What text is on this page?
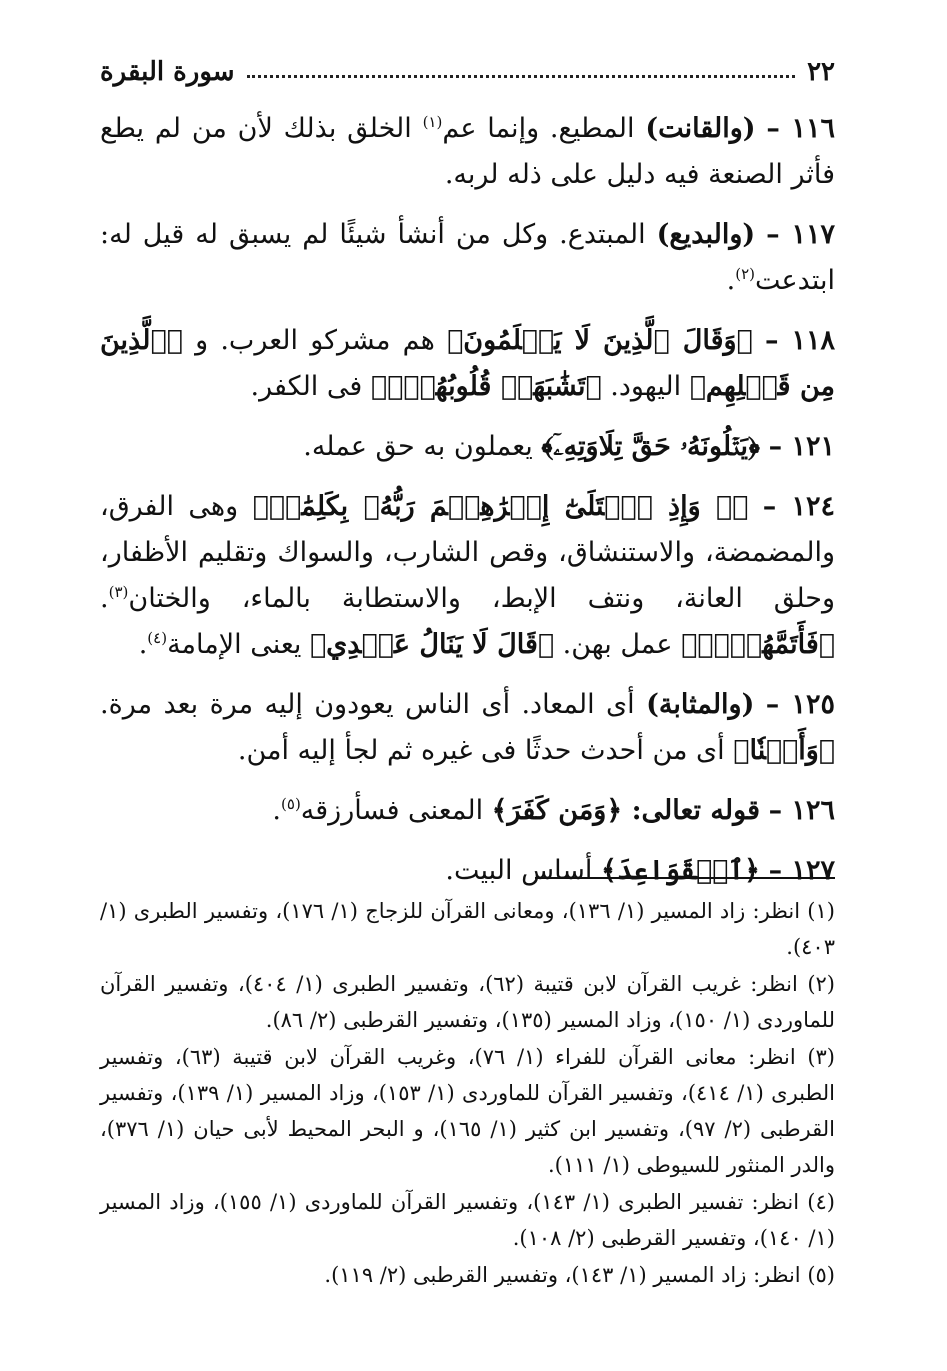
٢٢
سورة البقرة

١١٦ – (والقانت) المطيع. وإنما عم$^{(١)}$ الخلق بذلك لأن من لم يطع فأثر الصنعة فيه دليل على ذله لربه.

١١٧ – (والبديع) المبتدع. وكل من أنشأ شيئًا لم يسبق له قيل له: ابتدعت$^{(٢)}$.

١١٨ – ﴿وَقَالَ ٱلَّذِينَ لَا يَعۡلَمُونَ﴾ هم مشركو العرب. و ﴿ٱلَّذِينَ مِن قَبۡلِهِم﴾ اليهود. ﴿تَشَٰبَهَتۡ قُلُوبُهُمۡۗ﴾ فى الكفر.

١٢١ – ﴿يَتۡلُونَهُۥ حَقَّ تِلَاوَتِهِۦٓ﴾ يعملون به حق عمله.

١٢٤ – ﴿۞ وَإِذِ ٱبۡتَلَىٰٓ إِبۡرَٰهِـۧمَ رَبُّهُۥ بِكَلِمَٰتٖ﴾ وهى الفرق، والمضمضة، والاستنشاق، وقص الشارب، والسواك وتقليم الأظفار، وحلق العانة، ونتف الإبط، والاستطابة بالماء، والختان$^{(٣)}$. ﴿فَأَتَمَّهُنَّۖ﴾ عمل بهن. ﴿قَالَ لَا يَنَالُ عَهۡدِي﴾ يعنى الإمامة$^{(٤)}$.

١٢٥ – (والمثابة) أى المعاد. أى الناس يعودون إليه مرة بعد مرة. ﴿وَأَمۡنٗا﴾ أى من أحدث حدثًا فى غيره ثم لجأ إليه أمن.

١٢٦ – قوله تعالى: ﴿وَمَن كَفَرَ﴾ المعنى فسأرزقه$^{(٥)}$.

١٢٧ – ﴿ٱلۡقَوَاعِدَ﴾ أساس البيت.

(١) انظر: زاد المسير (١/ ١٣٦)، ومعانى القرآن للزجاج (١/ ١٧٦)، وتفسير الطبرى (١/ ٤٠٣).

(٢) انظر: غريب القرآن لابن قتيبة (٦٢)، وتفسير الطبرى (١/ ٤٠٤)، وتفسير القرآن للماوردى (١/ ١٥٠)، وزاد المسير (١٣٥)، وتفسير القرطبى (٢/ ٨٦).

(٣) انظر: معانى القرآن للفراء (١/ ٧٦)، وغريب القرآن لابن قتيبة (٦٣)، وتفسير الطبرى (١/ ٤١٤)، وتفسير القرآن للماوردى (١/ ١٥٣)، وزاد المسير (١/ ١٣٩)، وتفسير القرطبى (٢/ ٩٧)، وتفسير ابن كثير (١/ ١٦٥)، و البحر المحيط لأبى حيان (١/ ٣٧٦)، والدر المنثور للسيوطى (١/ ١١١).

(٤) انظر: تفسير الطبرى (١/ ١٤٣)، وتفسير القرآن للماوردى (١/ ١٥٥)، وزاد المسير (١/ ١٤٠)، وتفسير القرطبى (٢/ ١٠٨).

(٥) انظر: زاد المسير (١/ ١٤٣)، وتفسير القرطبى (٢/ ١١٩).
